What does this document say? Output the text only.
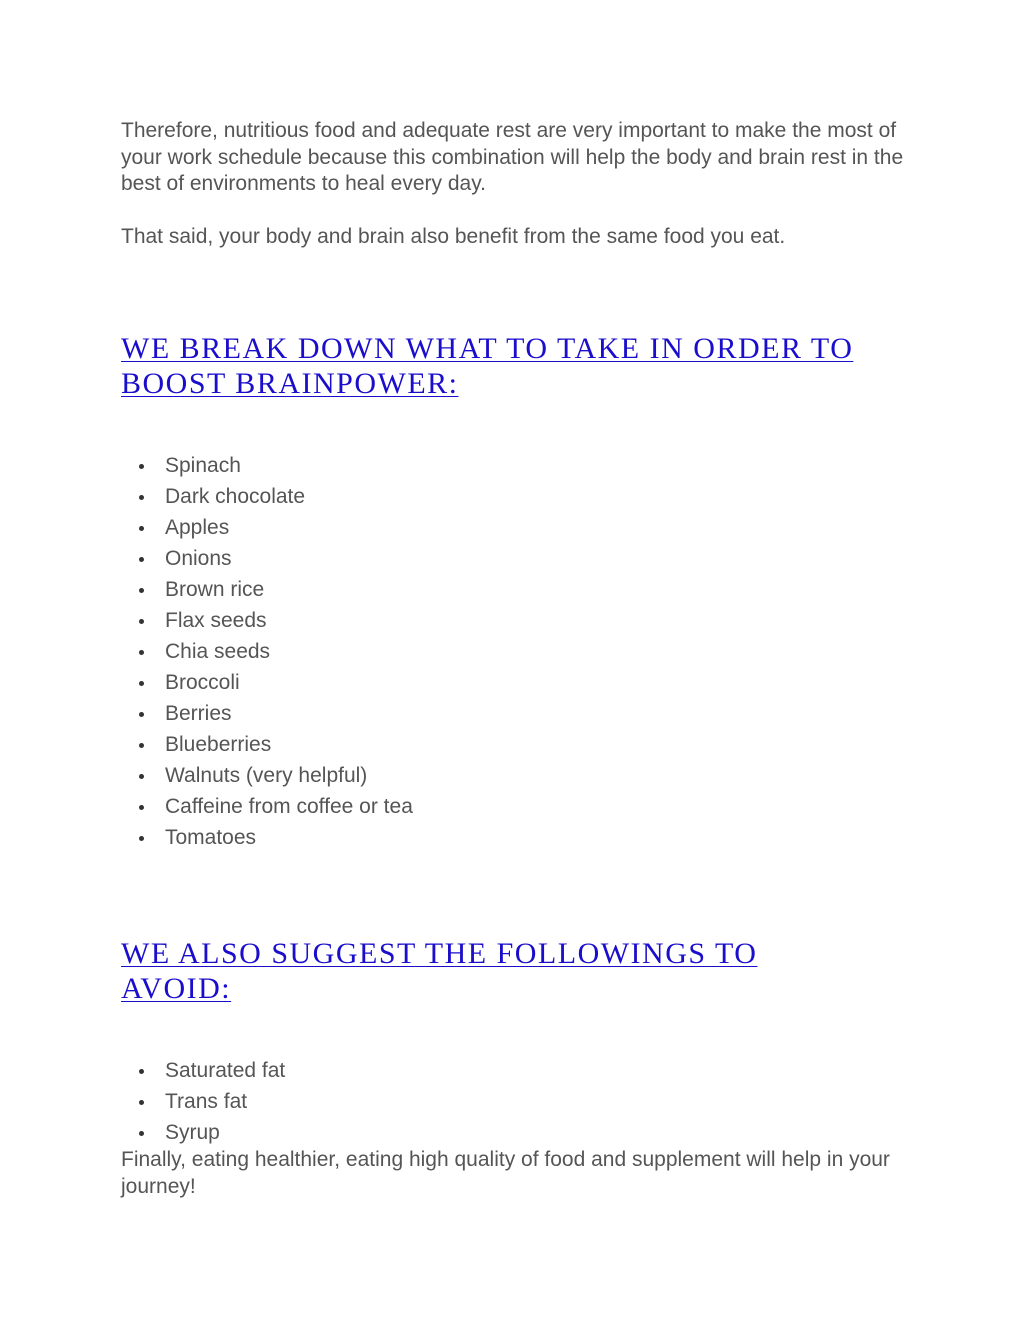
Therefore, nutritious food and adequate rest are very important to make the most of your work schedule because this combination will help the body and brain rest in the best of environments to heal every day.

That said, your body and brain also benefit from the same food you eat.

WE BREAK DOWN WHAT TO TAKE IN ORDER TO
BOOST BRAINPOWER:
Spinach
Dark chocolate
Apples
Onions
Brown rice
Flax seeds
Chia seeds
Broccoli
Berries
Blueberries
Walnuts (very helpful)
Caffeine from coffee or tea
Tomatoes
WE ALSO SUGGEST THE FOLLOWINGS TO
AVOID:
Saturated fat
Trans fat
Syrup

Finally, eating healthier, eating high quality of food and supplement will help in your journey!
